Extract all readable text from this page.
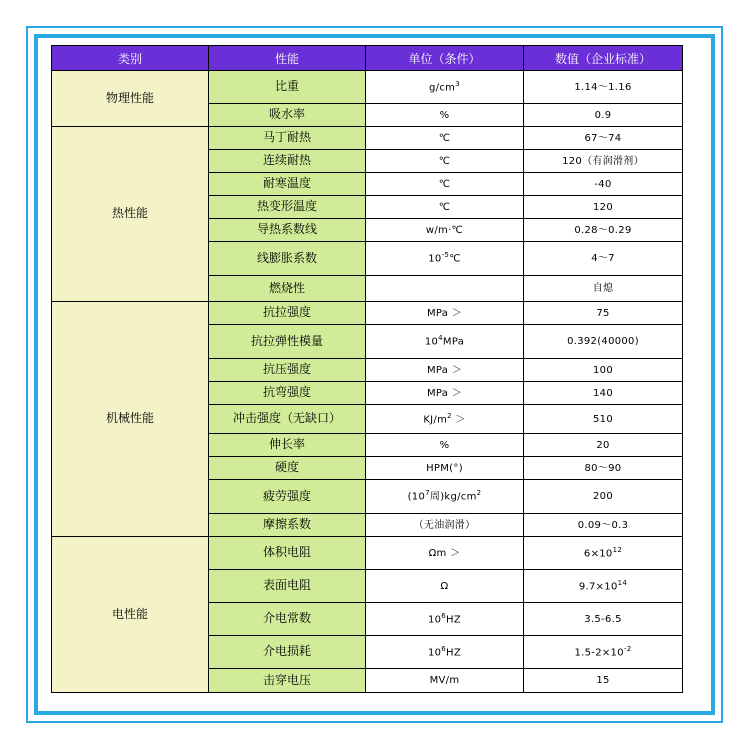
类别	性能	单位（条件）	数值（企业标准）
物理性能	比重	$g/cm^3$	1.14～1.16
	吸水率	%	0.9
热性能	马丁耐热	℃	67～74
	连续耐热	℃	120（有润滑剂）
	耐寒温度	℃	-40
	热变形温度	℃	120
	导热系数线	w/m·℃	0.28～0.29
	线膨胀系数	$10^{-5}℃$	4～7
	燃烧性		自熄
机械性能	抗拉强度	MPa ＞	75
	抗拉弹性模量	$10^4MPa$	0.392(40000)
	抗压强度	MPa ＞	100
	抗弯强度	MPa ＞	140
	冲击强度（无缺口）	$KJ/m^2$ ＞	510
	伸长率	%	20
	硬度	HPM(°)	80～90
	疲劳强度	($10^7$周)$kg/cm^2$	200
	摩擦系数	（无油润滑）	0.09～0.3
电性能	体积电阻	Ωm ＞	$6\times 10^{12}$
	表面电阻	Ω	$9.7\times 10^{14}$
	介电常数	$10^6HZ$	3.5-6.5
	介电损耗	$10^6HZ$	$1.5-2\times 10^{-2}$
	击穿电压	MV/m	15
